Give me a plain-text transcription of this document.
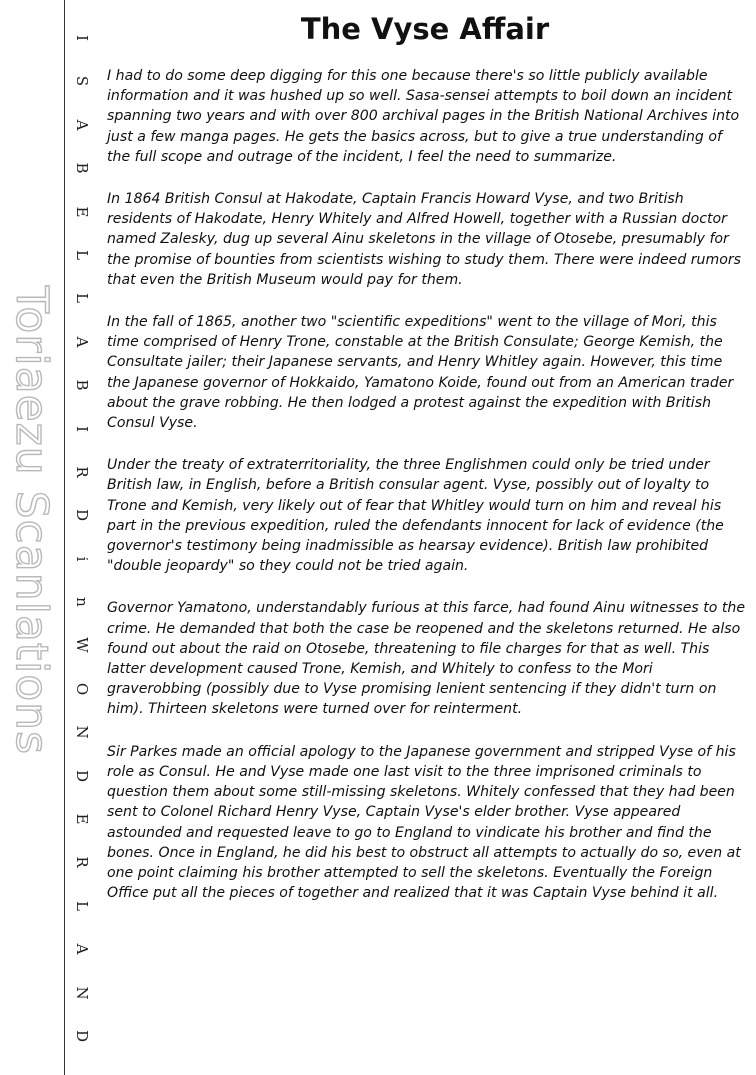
Toriaezu Scanlations
I
S
A
B
E
L
L
A
B
I
R
D
i
n
W
O
N
D
E
R
L
A
N
D
The Vyse Affair

I had to do some deep digging for this one because there's so little publicly available information and it was hushed up so well. Sasa-sensei attempts to boil down an incident spanning two years and with over 800 archival pages in the British National Archives into just a few manga pages. He gets the basics across, but to give a true understanding of the full scope and outrage of the incident, I feel the need to summarize.

In 1864 British Consul at Hakodate, Captain Francis Howard Vyse, and two British residents of Hakodate, Henry Whitely and Alfred Howell, together with a Russian doctor named Zalesky, dug up several Ainu skeletons in the village of Otosebe, presumably for the promise of bounties from scientists wishing to study them. There were indeed rumors that even the British Museum would pay for them.

In the fall of 1865, another two "scientific expeditions" went to the village of Mori, this time comprised of Henry Trone, constable at the British Consulate; George Kemish, the Consultate jailer; their Japanese servants, and Henry Whitley again. However, this time the Japanese governor of Hokkaido, Yamatono Koide, found out from an American trader about the grave robbing. He then lodged a protest against the expedition with British Consul Vyse.

Under the treaty of extraterritoriality, the three Englishmen could only be tried under British law, in English, before a British consular agent. Vyse, possibly out of loyalty to Trone and Kemish, very likely out of fear that Whitley would turn on him and reveal his part in the previous expedition, ruled the defendants innocent for lack of evidence (the governor's testimony being inadmissible as hearsay evidence). British law prohibited "double jeopardy" so they could not be tried again.

Governor Yamatono, understandably furious at this farce, had found Ainu witnesses to the crime. He demanded that both the case be reopened and the skeletons returned. He also found out about the raid on Otosebe, threatening to file charges for that as well. This latter development caused Trone, Kemish, and Whitely to confess to the Mori graverobbing (possibly due to Vyse promising lenient sentencing if they didn't turn on him). Thirteen skeletons were turned over for reinterment.

Sir Parkes made an official apology to the Japanese government and stripped Vyse of his role as Consul. He and Vyse made one last visit to the three imprisoned criminals to question them about some still-missing skeletons. Whitely confessed that they had been sent to Colonel Richard Henry Vyse, Captain Vyse's elder brother. Vyse appeared astounded and requested leave to go to England to vindicate his brother and find the bones. Once in England, he did his best to obstruct all attempts to actually do so, even at one point claiming his brother attempted to sell the skeletons. Eventually the Foreign Office put all the pieces of together and realized that it was Captain Vyse behind it all.
